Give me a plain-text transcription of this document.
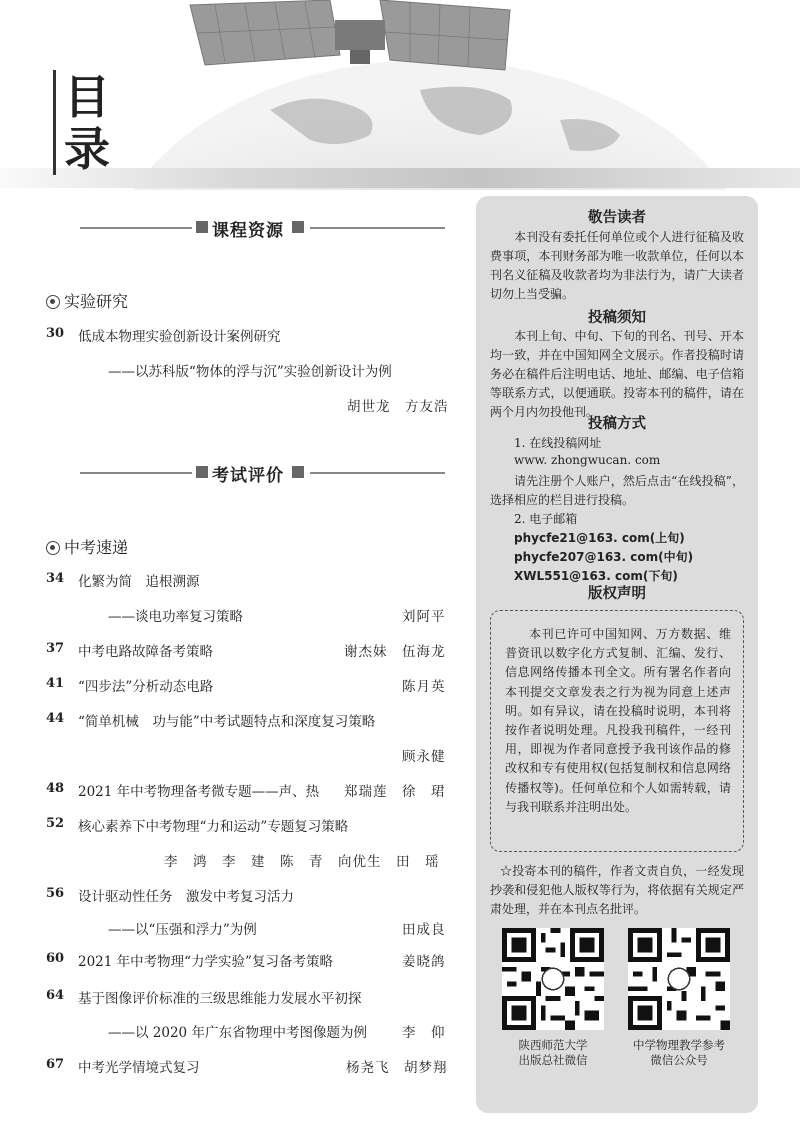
目
录
课程资源
实验研究
30	低成本物理实验创新设计案例研究
——以苏科版“物体的浮与沉”实验创新设计为例
胡世龙　方友浩
考试评价
中考速递
34	化繁为简　追根溯源
——谈电功率复习策略	刘阿平
37	中考电路故障备考策略	谢杰妹　伍海龙
41	“四步法”分析动态电路	陈月英
44	“简单机械　功与能”中考试题特点和深度复习策略
顾永健
48	2021 年中考物理备考微专题——声、热 郑瑞莲　徐　珺
52	核心素养下中考物理“力和运动”专题复习策略
李　鸿　李　建　陈　青　向优生　田　瑶
56	设计驱动性任务　激发中考复习活力
——以“压强和浮力”为例	田成良
60	2021 年中考物理“力学实验”复习备考策略	姜晓鸽
64	基于图像评价标准的三级思维能力发展水平初探
——以 2020 年广东省物理中考图像题为例	李　仰
67	中考光学情境式复习	杨尧飞　胡梦翔
敬告读者
本刊没有委托任何单位或个人进行征稿及收费事项，本刊财务部为唯一收款单位，任何以本刊名义征稿及收款者均为非法行为，请广大读者切勿上当受骗。
投稿须知
本刊上旬、中旬、下旬的刊名、刊号、开本均一致，并在中国知网全文展示。作者投稿时请务必在稿件后注明电话、地址、邮编、电子信箱等联系方式，以便通联。投寄本刊的稿件，请在两个月内勿投他刊。
投稿方式
1. 在线投稿网址
www. zhongwucan. com
请先注册个人账户，然后点击“在线投稿”，选择相应的栏目进行投稿。
2. 电子邮箱
phycfe21@163. com(上旬)
phycfe207@163. com(中旬)
XWL551@163. com(下旬)
版权声明
本刊已许可中国知网、万方数据、维普资讯以数字化方式复制、汇编、发行、信息网络传播本刊全文。所有署名作者向本刊提交文章发表之行为视为同意上述声明。如有异议，请在投稿时说明，本刊将按作者说明处理。凡投我刊稿件，一经刊用，即视为作者同意授予我刊该作品的修改权和专有使用权(包括复制权和信息网络传播权等)。任何单位和个人如需转载，请与我刊联系并注明出处。
☆投寄本刊的稿件，作者文责自负，一经发现抄袭和侵犯他人版权等行为，将依据有关规定严肃处理，并在本刊点名批评。
陕西师范大学
出版总社微信
中学物理教学参考
微信公众号
